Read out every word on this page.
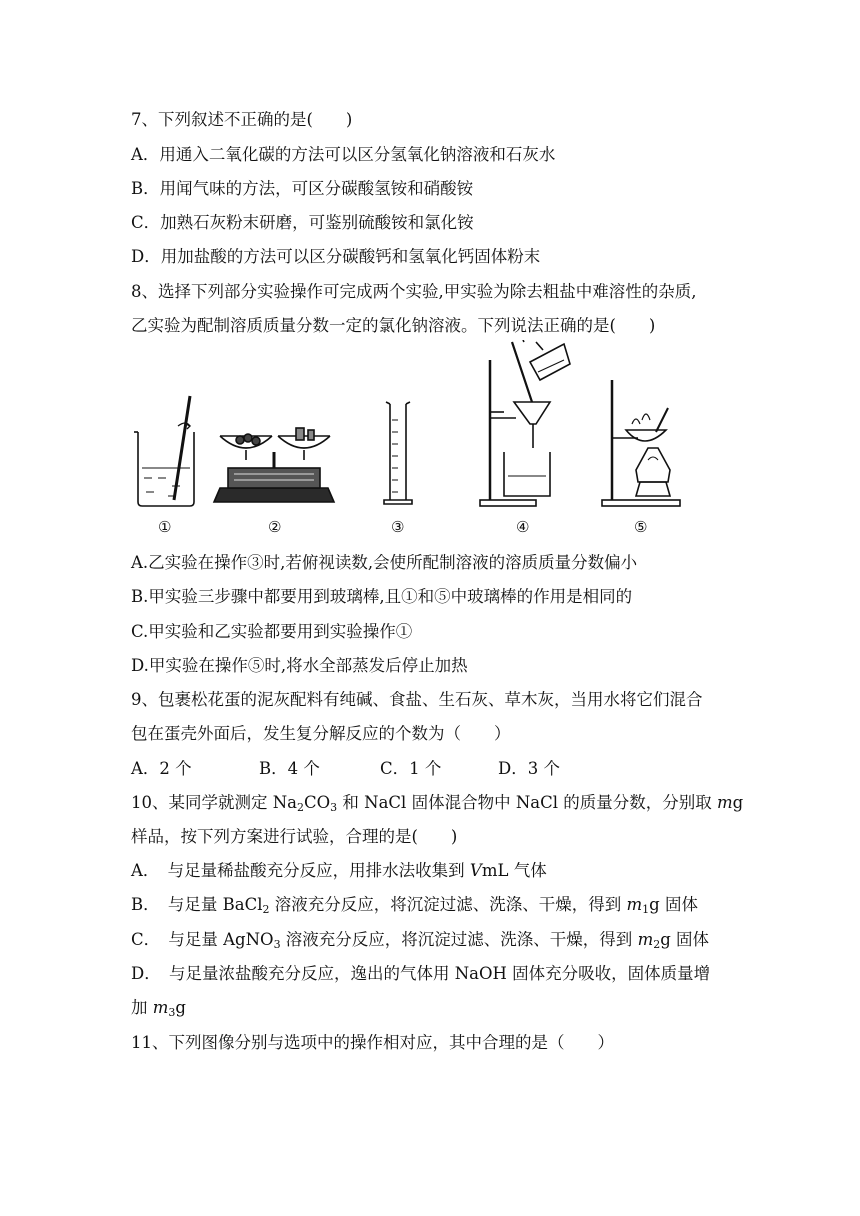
7、下列叙述不正确的是(　　)
A．用通入二氧化碳的方法可以区分氢氧化钠溶液和石灰水
B．用闻气味的方法，可区分碳酸氢铵和硝酸铵
C．加熟石灰粉末研磨，可鉴别硫酸铵和氯化铵
D．用加盐酸的方法可以区分碳酸钙和氢氧化钙固体粉末
8、选择下列部分实验操作可完成两个实验,甲实验为除去粗盐中难溶性的杂质,
乙实验为配制溶质质量分数一定的氯化钠溶液。下列说法正确的是(　　)
①	②	③	④	⑤
A.乙实验在操作③时,若俯视读数,会使所配制溶液的溶质质量分数偏小
B.甲实验三步骤中都要用到玻璃棒,且①和⑤中玻璃棒的作用是相同的
C.甲实验和乙实验都要用到实验操作①
D.甲实验在操作⑤时,将水全部蒸发后停止加热
9、包裹松花蛋的泥灰配料有纯碱、食盐、生石灰、草木灰，当用水将它们混合
包在蛋壳外面后，发生复分解反应的个数为（　　）
A．2 个	B．4 个	C．1 个	D．3 个
10、某同学就测定 $Na_2CO_3$ 和 NaCl 固体混合物中 NaCl 的质量分数，分别取 mg
样品，按下列方案进行试验，合理的是(　　)
A．　与足量稀盐酸充分反应，用排水法收集到 VmL 气体
B．　与足量 BaCl$_2$ 溶液充分反应，将沉淀过滤、洗涤、干燥，得到 $m_1g$ 固体
C．　与足量 AgNO$_3$ 溶液充分反应，将沉淀过滤、洗涤、干燥，得到 $m_2g$ 固体
D．　与足量浓盐酸充分反应，逸出的气体用 NaOH 固体充分吸收，固体质量增
加 $m_3g$
11、下列图像分别与选项中的操作相对应，其中合理的是（　　）
